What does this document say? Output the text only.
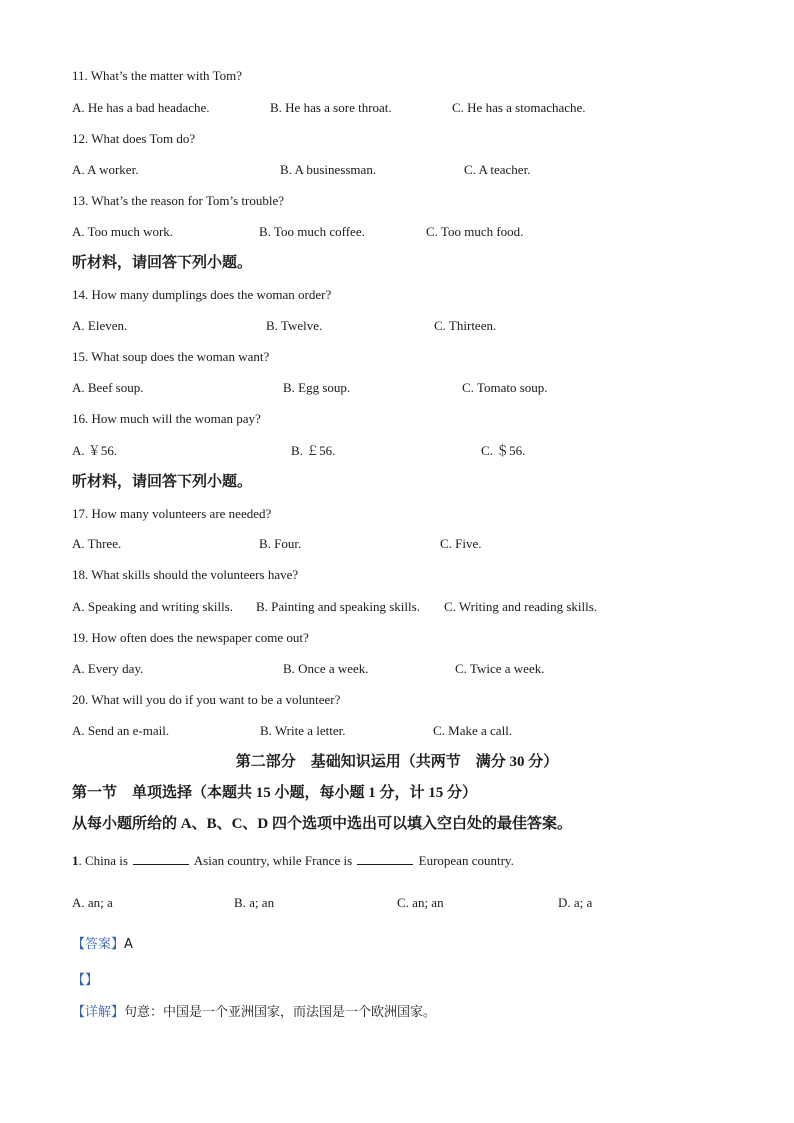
11. What’s the matter with Tom?
A. He has a bad headache.	B. He has a sore throat.	C. He has a stomachache.
12. What does Tom do?
A. A worker.	B. A businessman.	C. A teacher.
13. What’s the reason for Tom’s trouble?
A. Too much work.	B. Too much coffee.	C. Too much food.
听材料，请回答下列小题。
14. How many dumplings does the woman order?
A. Eleven.	B. Twelve.	C. Thirteen.
15. What soup does the woman want?
A. Beef soup.	B. Egg soup.	C. Tomato soup.
16. How much will the woman pay?
A. ￥56.	B. ￡56.	C. ＄56.
听材料，请回答下列小题。
17. How many volunteers are needed?
A. Three.	B. Four.	C. Five.
18. What skills should the volunteers have?
A. Speaking and writing skills. B. Painting and speaking skills. C. Writing and reading skills.
19. How often does the newspaper come out?
A. Every day.	B. Once a week.	C. Twice a week.
20. What will you do if you want to be a volunteer?
A. Send an e-mail.	B. Write a letter.	C. Make a call.
第二部分　基础知识运用（共两节　满分 30 分）
第一节　单项选择（本题共 15 小题，每小题 1 分，计 15 分）
从每小题所给的 A、B、C、D 四个选项中选出可以填入空白处的最佳答案。
1. China is	Asian country, while France is	European country.
A. an; a	B. a; an	C. an; an	D. a; a
【答案】A
【】
【详解】句意：中国是一个亚洲国家，而法国是一个欧洲国家。
